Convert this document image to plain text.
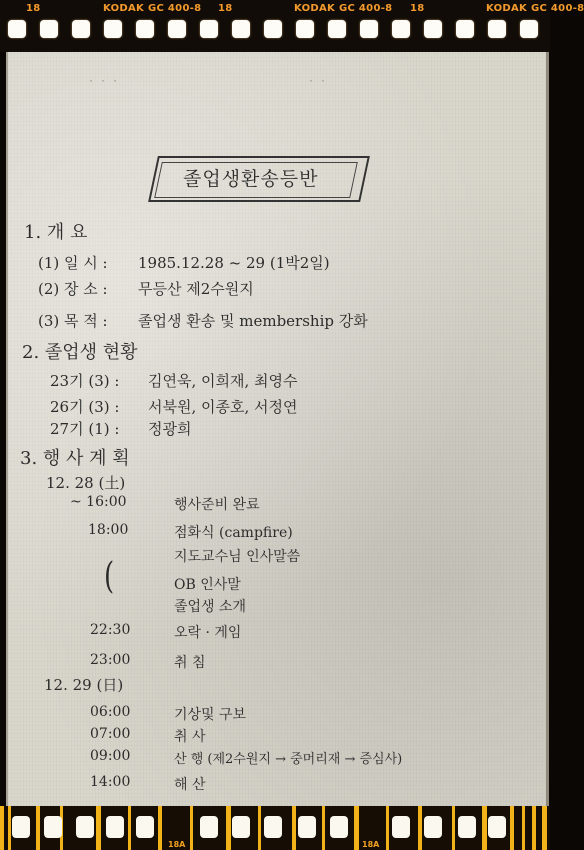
18	KODAK GC 400-8 18	KODAK GC 400-8 18	KODAK GC 400-8
· · ·	· ·
졸업생환송등반
1. 개 요
(1) 일 시 : 1985.12.28 ~ 29 (1박2일)
(2) 장 소 : 무등산 제2수원지
(3) 목 적 : 졸업생 환송 및 membership 강화
2. 졸업생 현황
23기 (3) : 김연욱, 이희재, 최영수
26기 (3) : 서북원, 이종호, 서정연
27기 (1) : 정광희
3. 행 사 계 획
12. 28 (土)
~ 16:00	행사준비 완료
18:00	점화식 (campfire)
지도교수님 인사말씀
(	OB 인사말
졸업생 소개
22:30	오락 · 게임
23:00	취 침
12. 29 (日)
06:00	기상및 구보
07:00	취 사
09:00	산 행 (제2수원지 → 중머리재 → 증심사)
14:00	해 산
18A	18A
